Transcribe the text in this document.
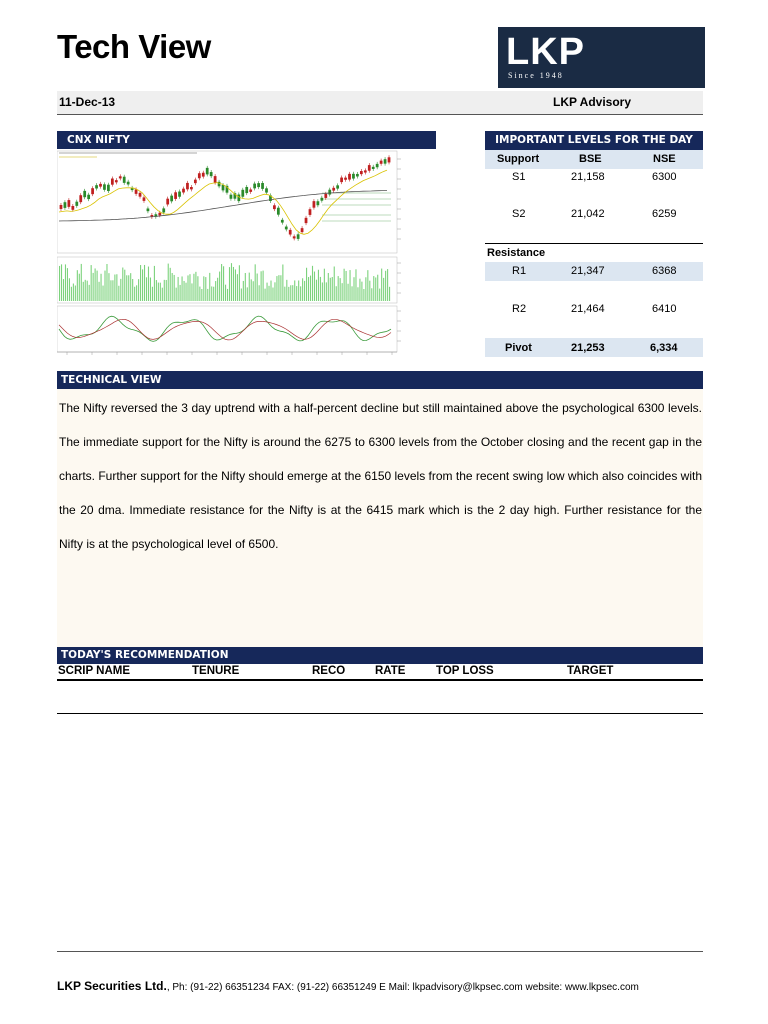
Tech View	LKP
Since 1948
11-Dec-13	LKP Advisory
CNX NIFTY	IMPORTANT LEVELS FOR THE DAY
Support	BSE	NSE
S1	21,158	6300
S2	21,042	6259
Resistance
R1	21,347	6368
R2	21,464	6410
Pivot	21,253	6,334
TECHNICAL VIEW

The Nifty reversed the 3 day uptrend with a half-percent decline but still maintained above the psychological 6300 levels. The immediate support for the Nifty is around the 6275 to 6300 levels from the October closing and the recent gap in the charts. Further support for the Nifty should emerge at the 6150 levels from the recent swing low which also coincides with the 20 dma. Immediate resistance for the Nifty is at the 6415 mark which is the 2 day high. Further resistance for the Nifty is at the psychological level of 6500.

TODAY'S RECOMMENDATION
SCRIP NAME	TENURE	RECO	RATE	TOP LOSS	TARGET
LKP Securities Ltd., Ph: (91-22) 66351234 FAX: (91-22) 66351249 E Mail: lkpadvisory@lkpsec.com website: www.lkpsec.com
